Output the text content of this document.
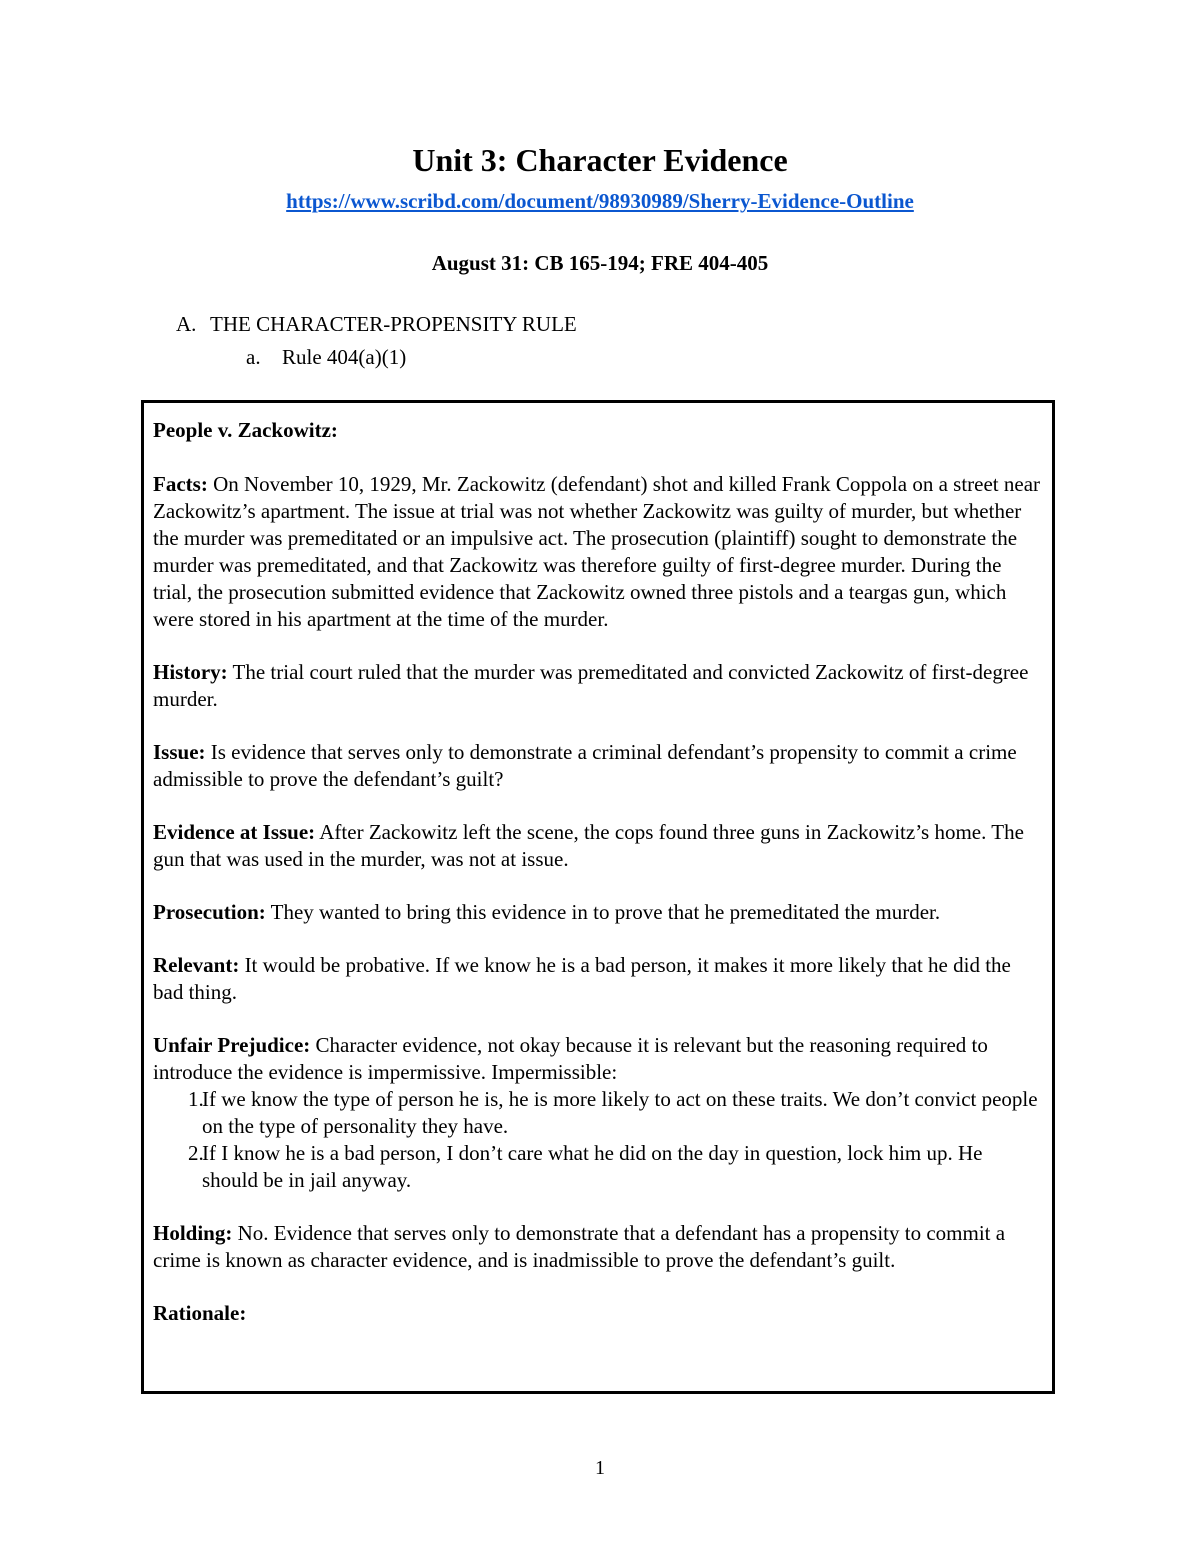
Unit 3: Character Evidence
https://www.scribd.com/document/98930989/Sherry-Evidence-Outline
August 31: CB 165-194; FRE 404-405
A. THE CHARACTER-PROPENSITY RULE
a. Rule 404(a)(1)

People v. Zackowitz:

Facts: On November 10, 1929, Mr. Zackowitz (defendant) shot and killed Frank Coppola on a street near Zackowitz’s apartment. The issue at trial was not whether Zackowitz was guilty of murder, but whether the murder was premeditated or an impulsive act. The prosecution (plaintiff) sought to demonstrate the murder was premeditated, and that Zackowitz was therefore guilty of first-degree murder. During the trial, the prosecution submitted evidence that Zackowitz owned three pistols and a teargas gun, which were stored in his apartment at the time of the murder.

History: The trial court ruled that the murder was premeditated and convicted Zackowitz of first-degree murder.

Issue: Is evidence that serves only to demonstrate a criminal defendant’s propensity to commit a crime admissible to prove the defendant’s guilt?

Evidence at Issue: After Zackowitz left the scene, the cops found three guns in Zackowitz’s home. The gun that was used in the murder, was not at issue.

Prosecution: They wanted to bring this evidence in to prove that he premeditated the murder.

Relevant: It would be probative. If we know he is a bad person, it makes it more likely that he did the bad thing.

Unfair Prejudice: Character evidence, not okay because it is relevant but the reasoning required to introduce the evidence is impermissive. Impermissible:

1.
If we know the type of person he is, he is more likely to act on these traits. We don’t convict people on the type of personality they have.
2.
If I know he is a bad person, I don’t care what he did on the day in question, lock him up. He should be in jail anyway.

Holding: No. Evidence that serves only to demonstrate that a defendant has a propensity to commit a crime is known as character evidence, and is inadmissible to prove the defendant’s guilt.

Rationale:

1
